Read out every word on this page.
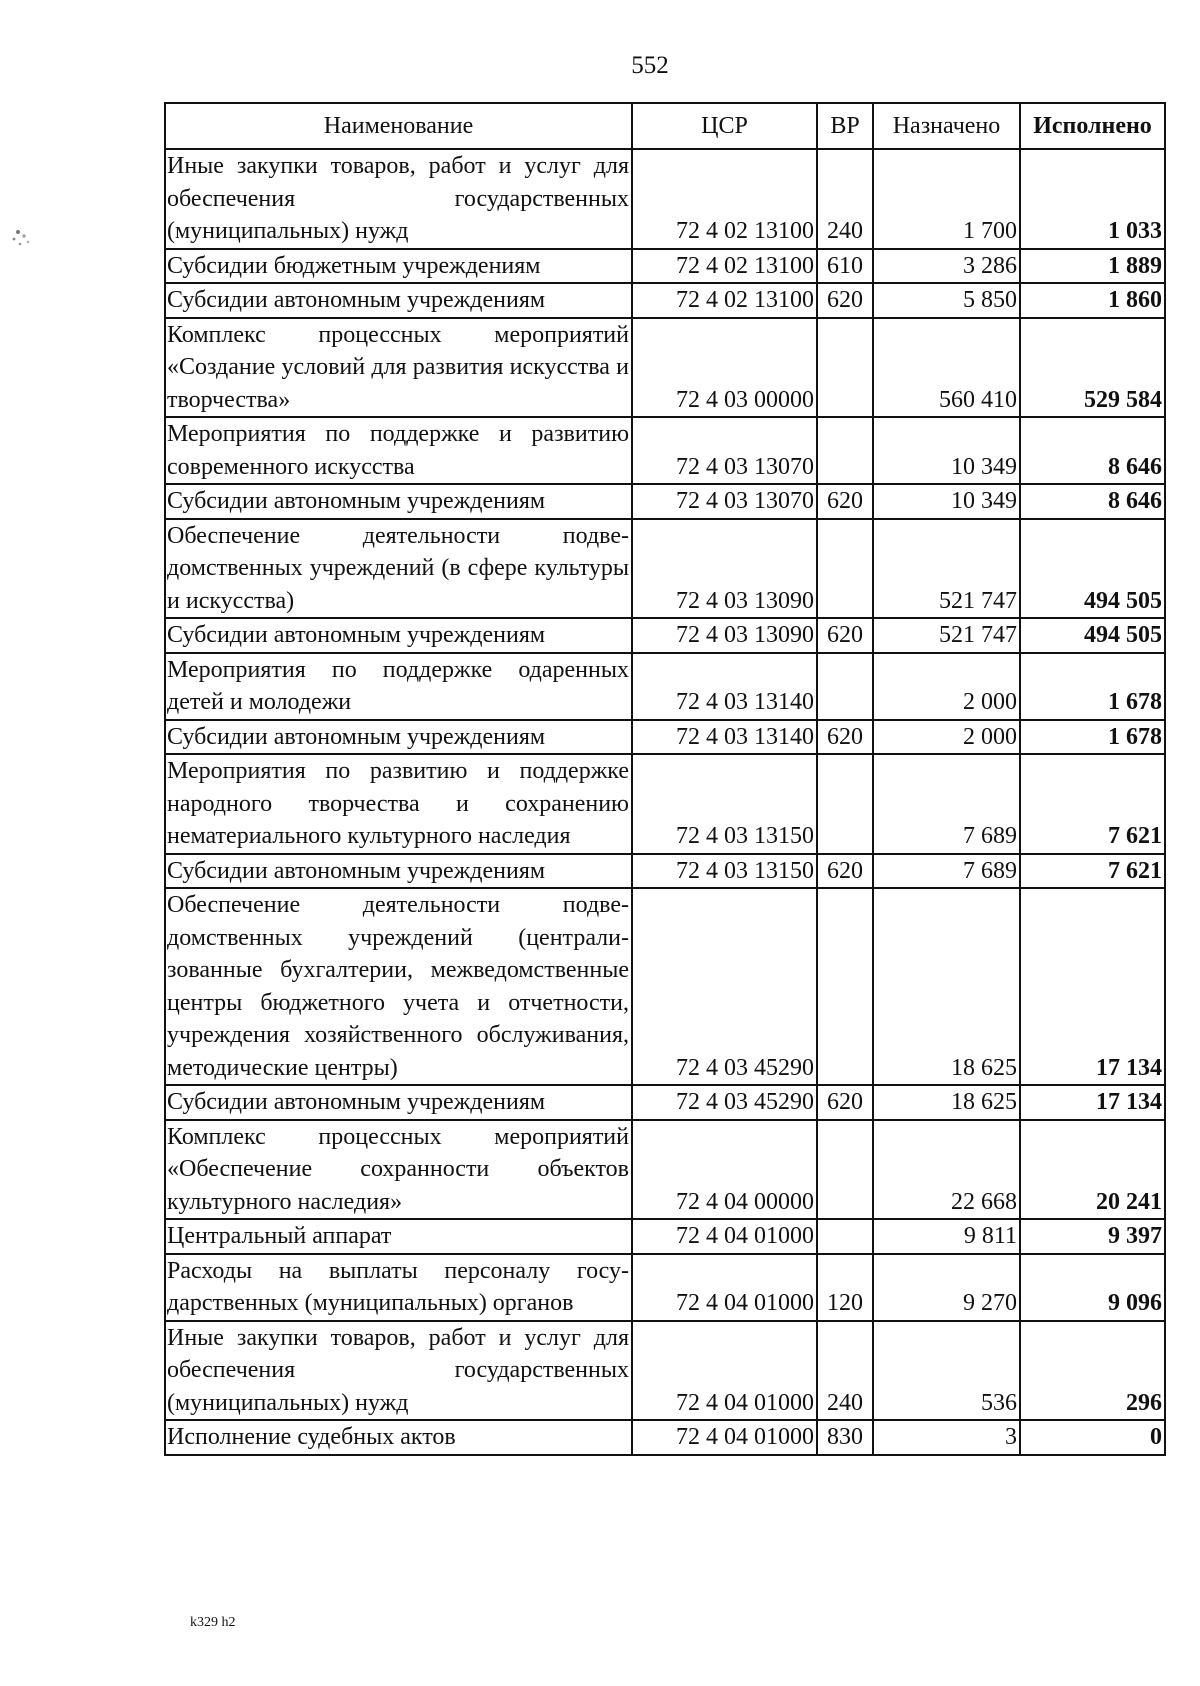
552
Наименование	ЦСР	ВР	Назначено	Исполнено
Иные закупки товаров, работ и услуг для обеспечения государственных (муниципальных) нужд	72 4 02 13100	240	1 700	1 033
Субсидии бюджетным учреждениям	72 4 02 13100	610	3 286	1 889
Субсидии автономным учреждениям	72 4 02 13100	620	5 850	1 860
Комплекс процессных мероприятий «Создание условий для развития искусства и творчества»	72 4 03 00000		560 410	529 584
Мероприятия по поддержке и развитию современного искусства	72 4 03 13070		10 349	8 646
Субсидии автономным учреждениям	72 4 03 13070	620	10 349	8 646
Обеспечение деятельности подведомственных учреждений (в сфере культуры и искусства)	72 4 03 13090		521 747	494 505
Субсидии автономным учреждениям	72 4 03 13090	620	521 747	494 505
Мероприятия по поддержке одаренных детей и молодежи	72 4 03 13140		2 000	1 678
Субсидии автономным учреждениям	72 4 03 13140	620	2 000	1 678
Мероприятия по развитию и поддержке народного творчества и сохранению нематериального культурного наследия	72 4 03 13150		7 689	7 621
Субсидии автономным учреждениям	72 4 03 13150	620	7 689	7 621
Обеспечение деятельности подведомственных учреждений (централизованные бухгалтерии, межведомственные центры бюджетного учета и отчетности, учреждения хозяйственного обслуживания, методические центры)	72 4 03 45290		18 625	17 134
Субсидии автономным учреждениям	72 4 03 45290	620	18 625	17 134
Комплекс процессных мероприятий «Обеспечение сохранности объектов культурного наследия»	72 4 04 00000		22 668	20 241
Центральный аппарат	72 4 04 01000		9 811	9 397
Расходы на выплаты персоналу государственных (муниципальных) органов	72 4 04 01000	120	9 270	9 096
Иные закупки товаров, работ и услуг для обеспечения государственных (муниципальных) нужд	72 4 04 01000	240	536	296
Исполнение судебных актов	72 4 04 01000	830	3	0
k329 h2
